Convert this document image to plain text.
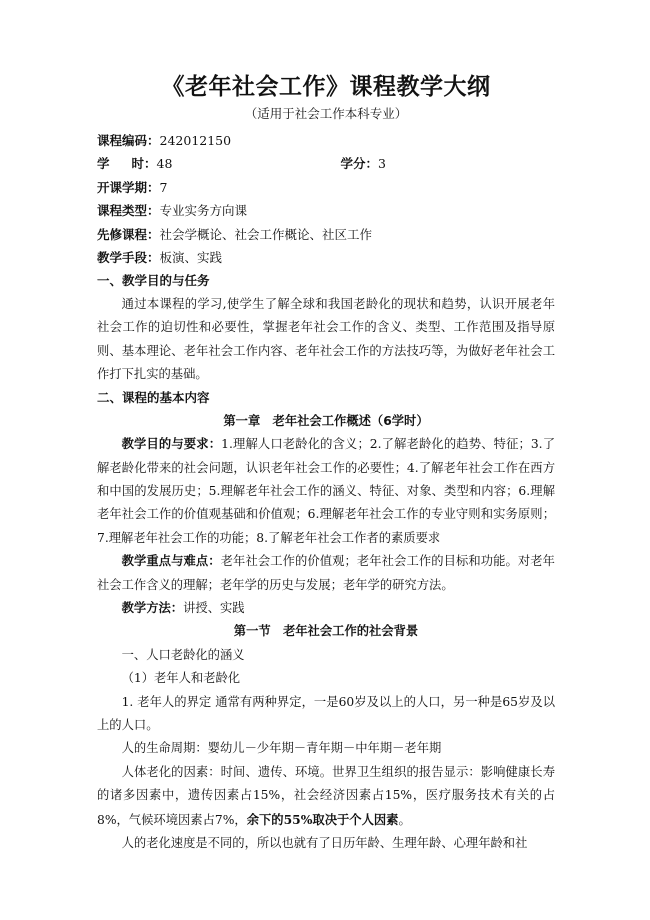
《老年社会工作》课程教学大纲

（适用于社会工作本科专业）

课程编码：242012150
学 时：48	学分：3
开课学期：7
课程类型：专业实务方向课
先修课程：社会学概论、社会工作概论、社区工作
教学手段：板演、实践
一、教学目的与任务

通过本课程的学习,使学生了解全球和我国老龄化的现状和趋势，认识开展老年社会工作的迫切性和必要性，掌握老年社会工作的含义、类型、工作范围及指导原则、基本理论、老年社会工作内容、老年社会工作的方法技巧等，为做好老年社会工作打下扎实的基础。

二、课程的基本内容
第一章　老年社会工作概述（6学时）

教学目的与要求：1.理解人口老龄化的含义；2.了解老龄化的趋势、特征；3.了解老龄化带来的社会问题，认识老年社会工作的必要性；4.了解老年社会工作在西方和中国的发展历史；5.理解老年社会工作的涵义、特征、对象、类型和内容；6.理解老年社会工作的价值观基础和价值观；6.理解老年社会工作的专业守则和实务原则；7.理解老年社会工作的功能；8.了解老年社会工作者的素质要求

教学重点与难点：老年社会工作的价值观；老年社会工作的目标和功能。对老年社会工作含义的理解；老年学的历史与发展；老年学的研究方法。

教学方法：讲授、实践
第一节　老年社会工作的社会背景
一、人口老龄化的涵义
（1）老年人和老龄化

1. 老年人的界定 通常有两种界定，一是60岁及以上的人口，另一种是65岁及以上的人口。

人的生命周期：婴幼儿－少年期－青年期－中年期－老年期

人体老化的因素：时间、遗传、环境。世界卫生组织的报告显示：影响健康长寿的诸多因素中，遗传因素占15%，社会经济因素占15%，医疗服务技术有关的占8%，气候环境因素占7%，余下的55%取决于个人因素。

人的老化速度是不同的，所以也就有了日历年龄、生理年龄、心理年龄和社
